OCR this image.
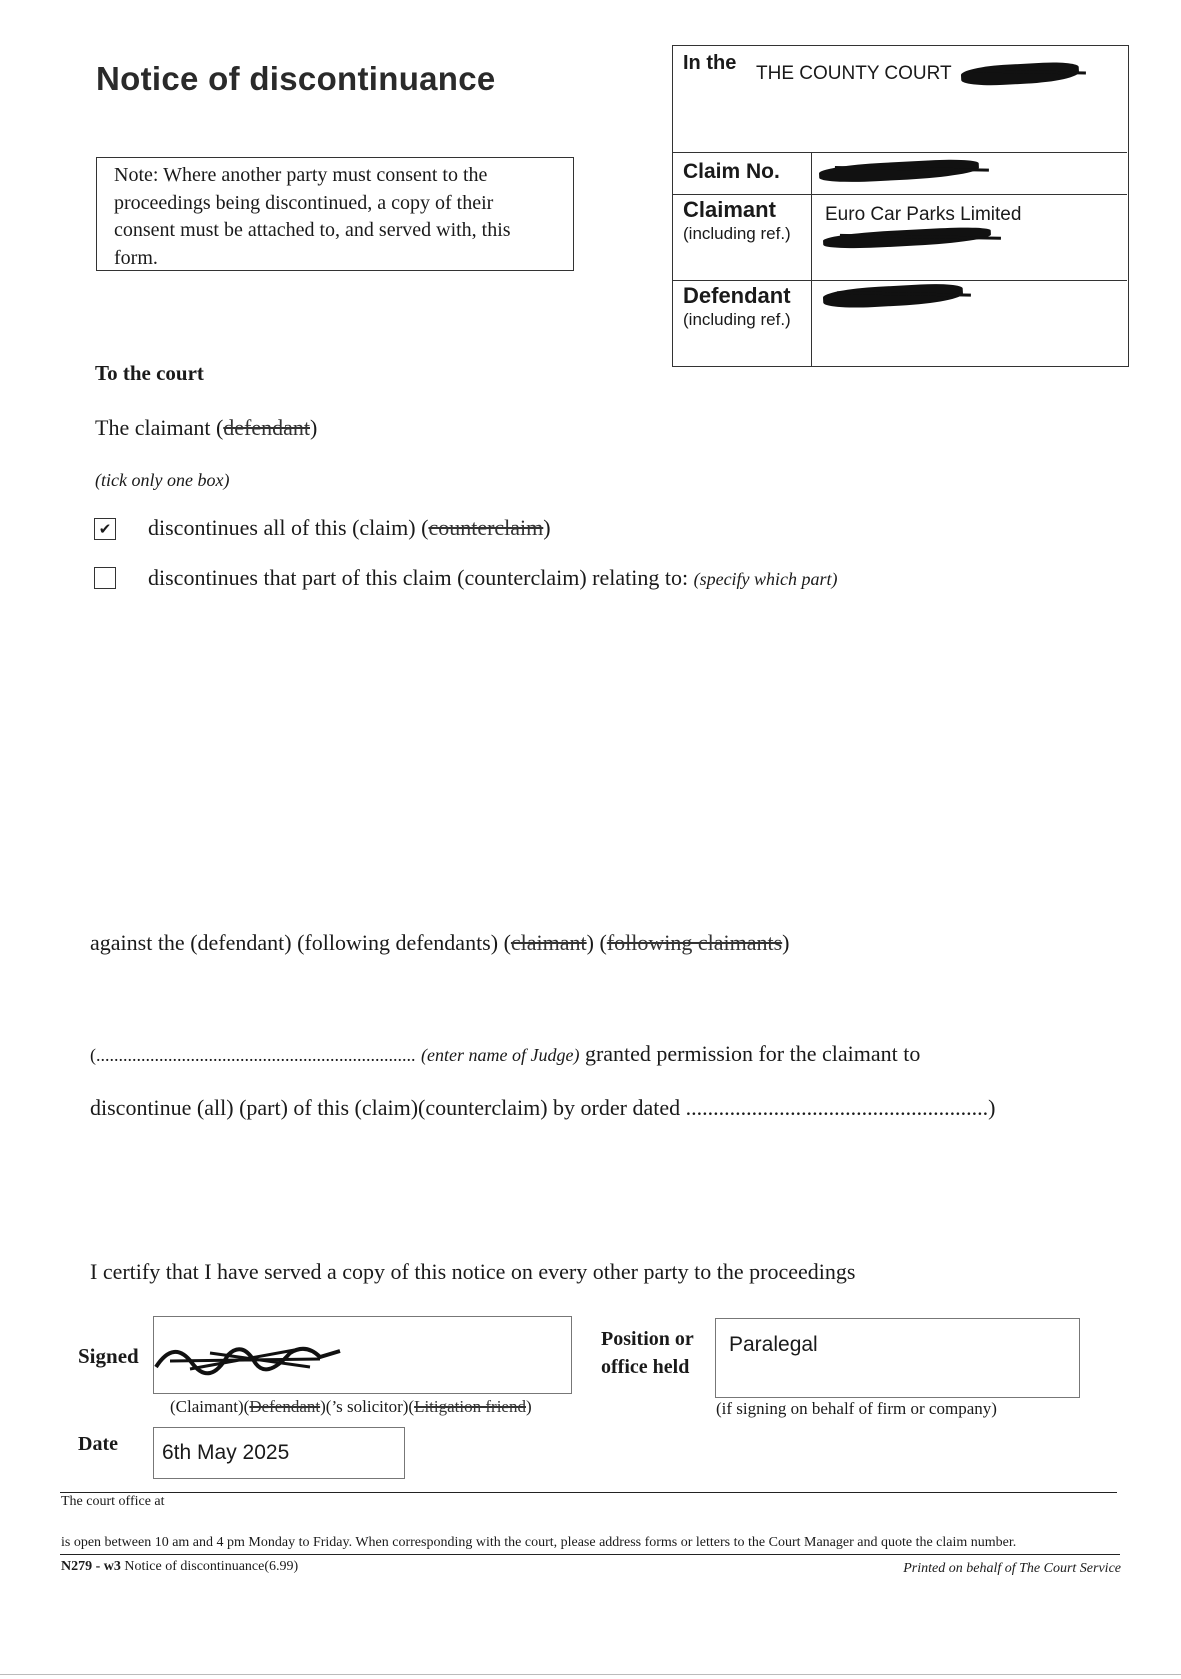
Notice of discontinuance
Note: Where another party must consent to the proceedings being discontinued, a copy of their consent must be attached to, and served with, this form.
In the THE COUNTY COURT
Claim No.
Claimant
(including ref.)
Euro Car Parks Limited
Defendant
(including ref.)
To the court
The claimant (defendant)
(tick only one box)
✔ discontinues all of this (claim) (counterclaim)
discontinues that part of this claim (counterclaim) relating to: (specify which part)
against the (defendant) (following defendants) (claimant) (following claimants)
(....................................................................... (enter name of Judge) granted permission for the claimant to
discontinue (all) (part) of this (claim)(counterclaim) by order dated .......................................................)
I certify that I have served a copy of this notice on every other party to the proceedings
Signed
(Claimant)(Defendant)(’s solicitor)(Litigation friend)
Position or
office held
Paralegal
(if signing on behalf of firm or company)
Date 6th May 2025
The court office at
is open between 10 am and 4 pm Monday to Friday. When corresponding with the court, please address forms or letters to the Court Manager and quote the claim number.
N279 - w3 Notice of discontinuance(6.99)	Printed on behalf of The Court Service
